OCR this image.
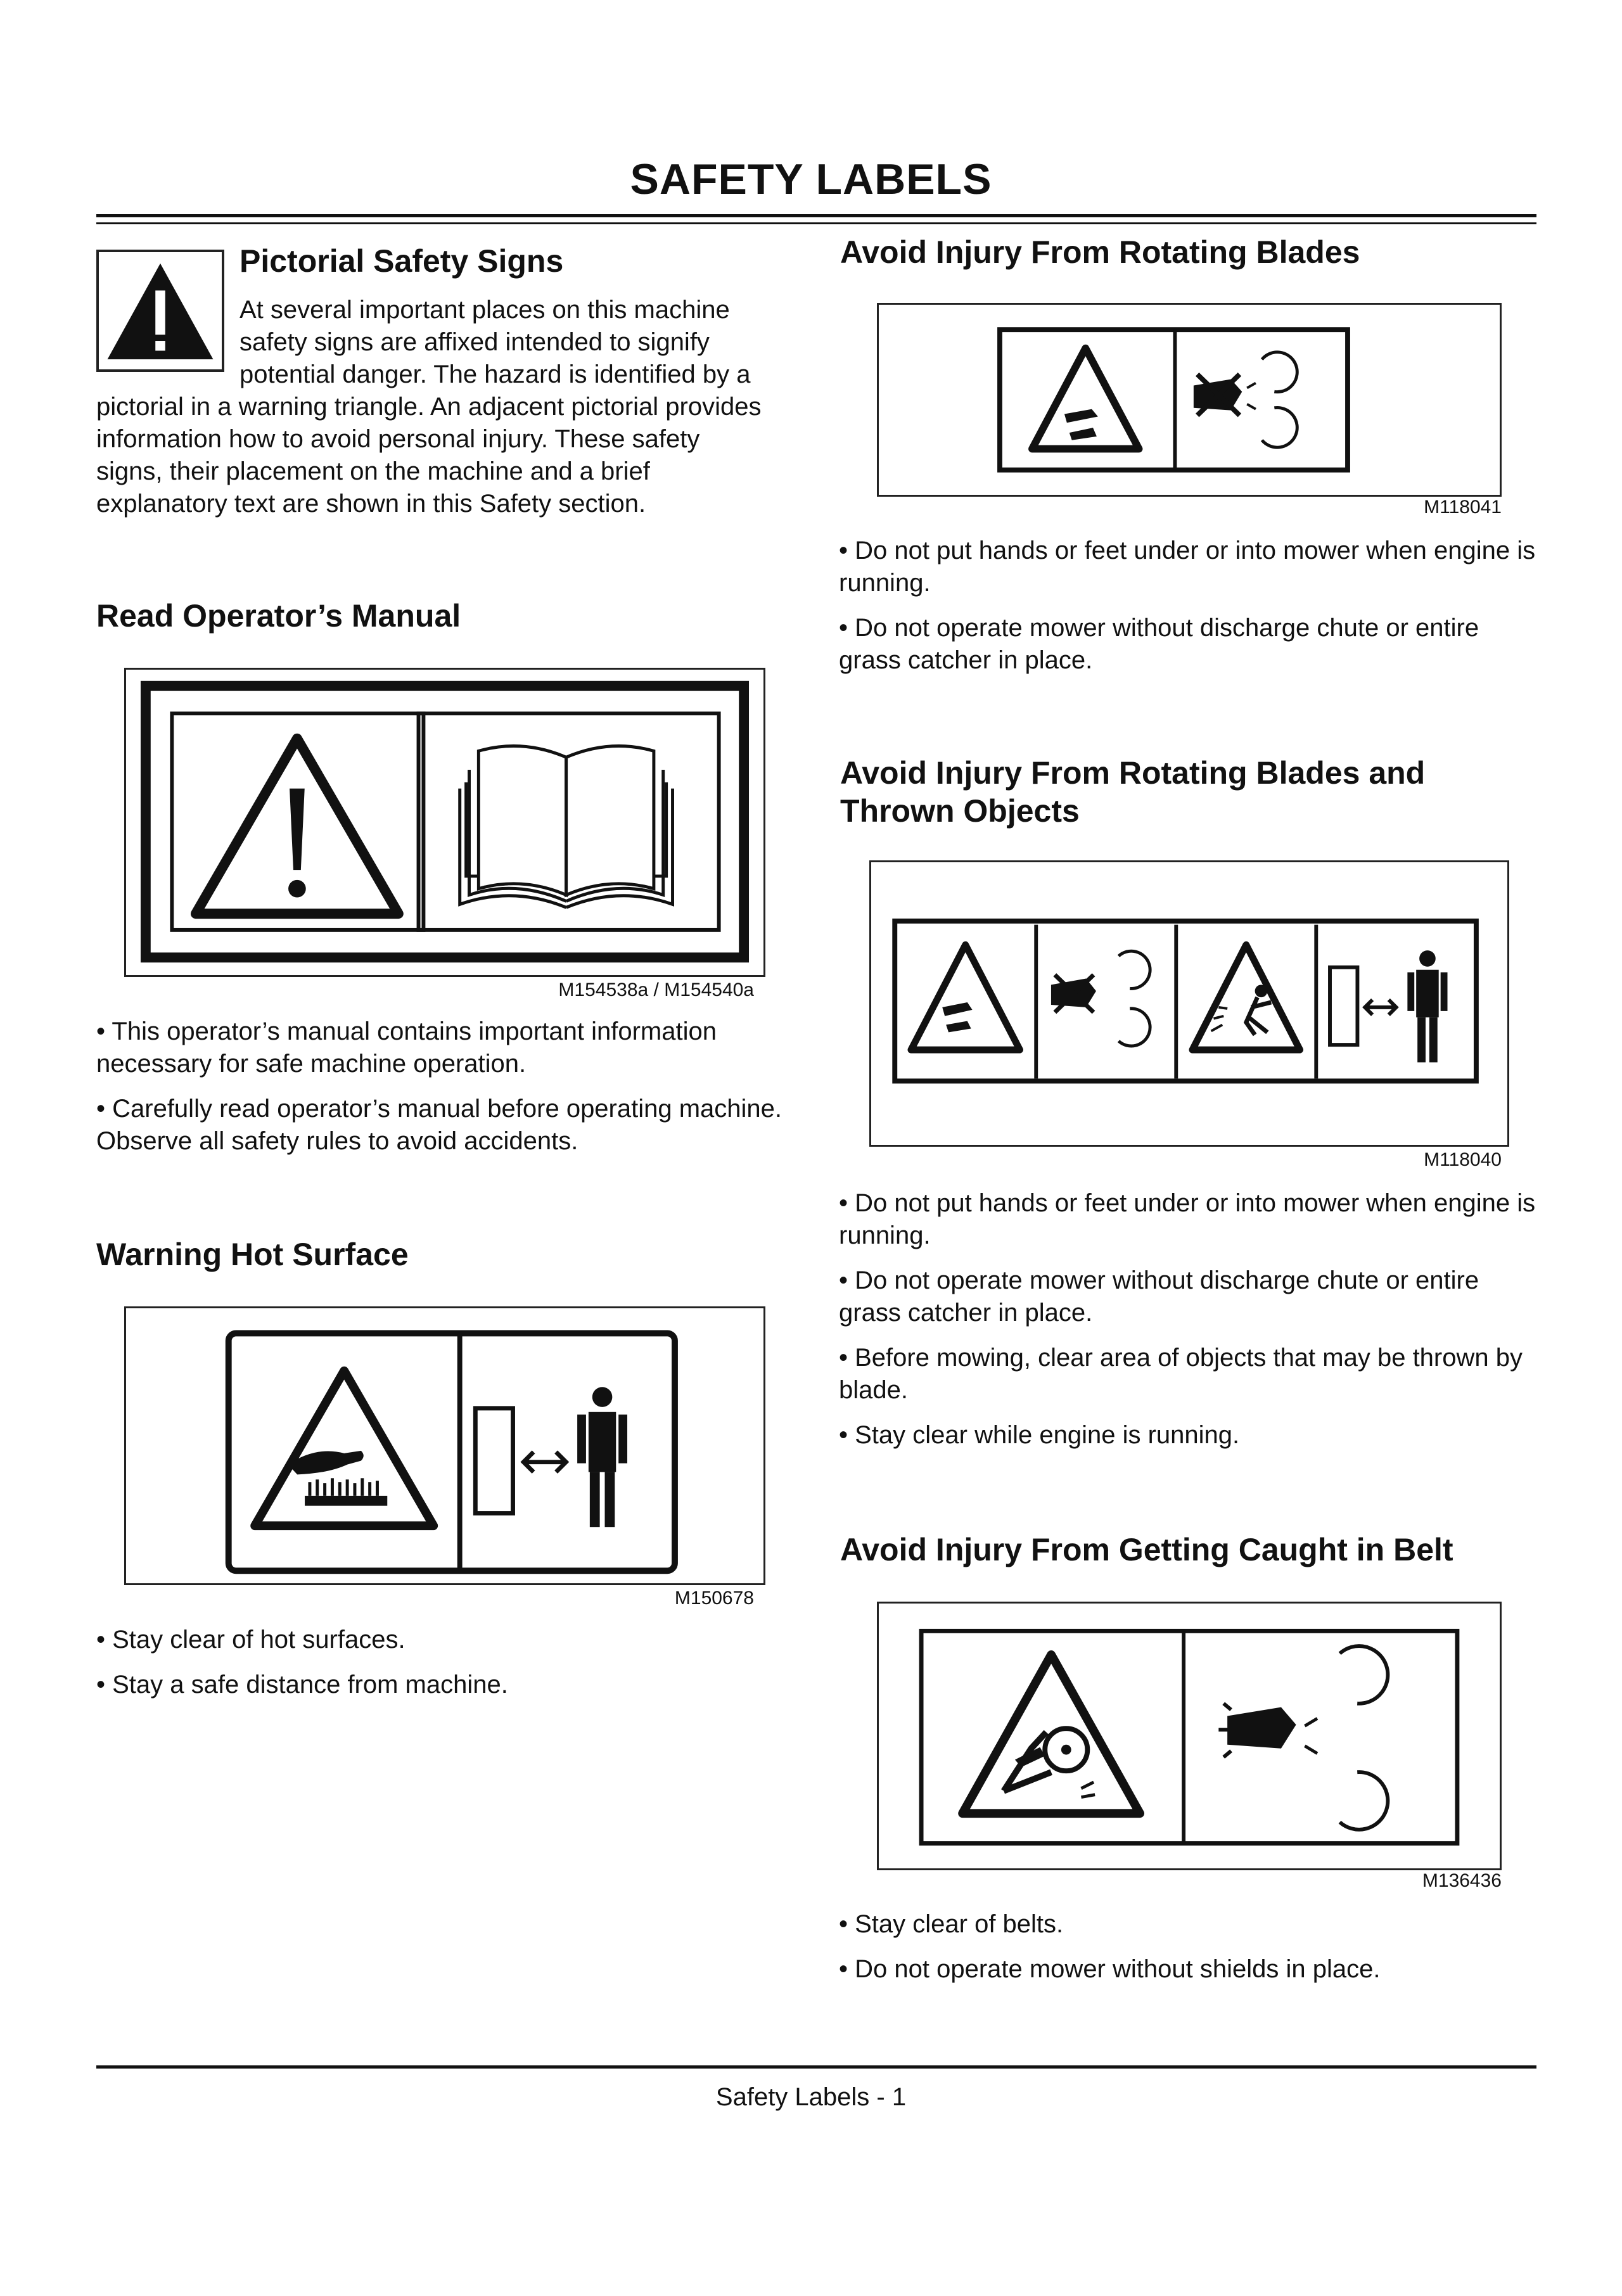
SAFETY LABELS
Pictorial Safety Signs

At several important places on this machine

safety signs are affixed intended to signify

potential danger. The hazard is identified by a

pictorial in a warning triangle. An adjacent pictorial provides

information how to avoid personal injury. These safety

signs, their placement on the machine and a brief

explanatory text are shown in this Safety section.

Read Operator’s Manual
M154538a / M154540a
• This operator’s manual contains important information necessary for safe machine operation.
• Carefully read operator’s manual before operating machine. Observe all safety rules to avoid accidents.
Warning Hot Surface
M150678
• Stay clear of hot surfaces.
• Stay a safe distance from machine.
Avoid Injury From Rotating Blades
M118041
• Do not put hands or feet under or into mower when engine is running.
• Do not operate mower without discharge chute or entire grass catcher in place.
Avoid Injury From Rotating Blades and
Thrown Objects
M118040
• Do not put hands or feet under or into mower when engine is running.
• Do not operate mower without discharge chute or entire grass catcher in place.
• Before mowing, clear area of objects that may be thrown by blade.
• Stay clear while engine is running.
Avoid Injury From Getting Caught in Belt
M136436
• Stay clear of belts.
• Do not operate mower without shields in place.
Safety Labels - 1
